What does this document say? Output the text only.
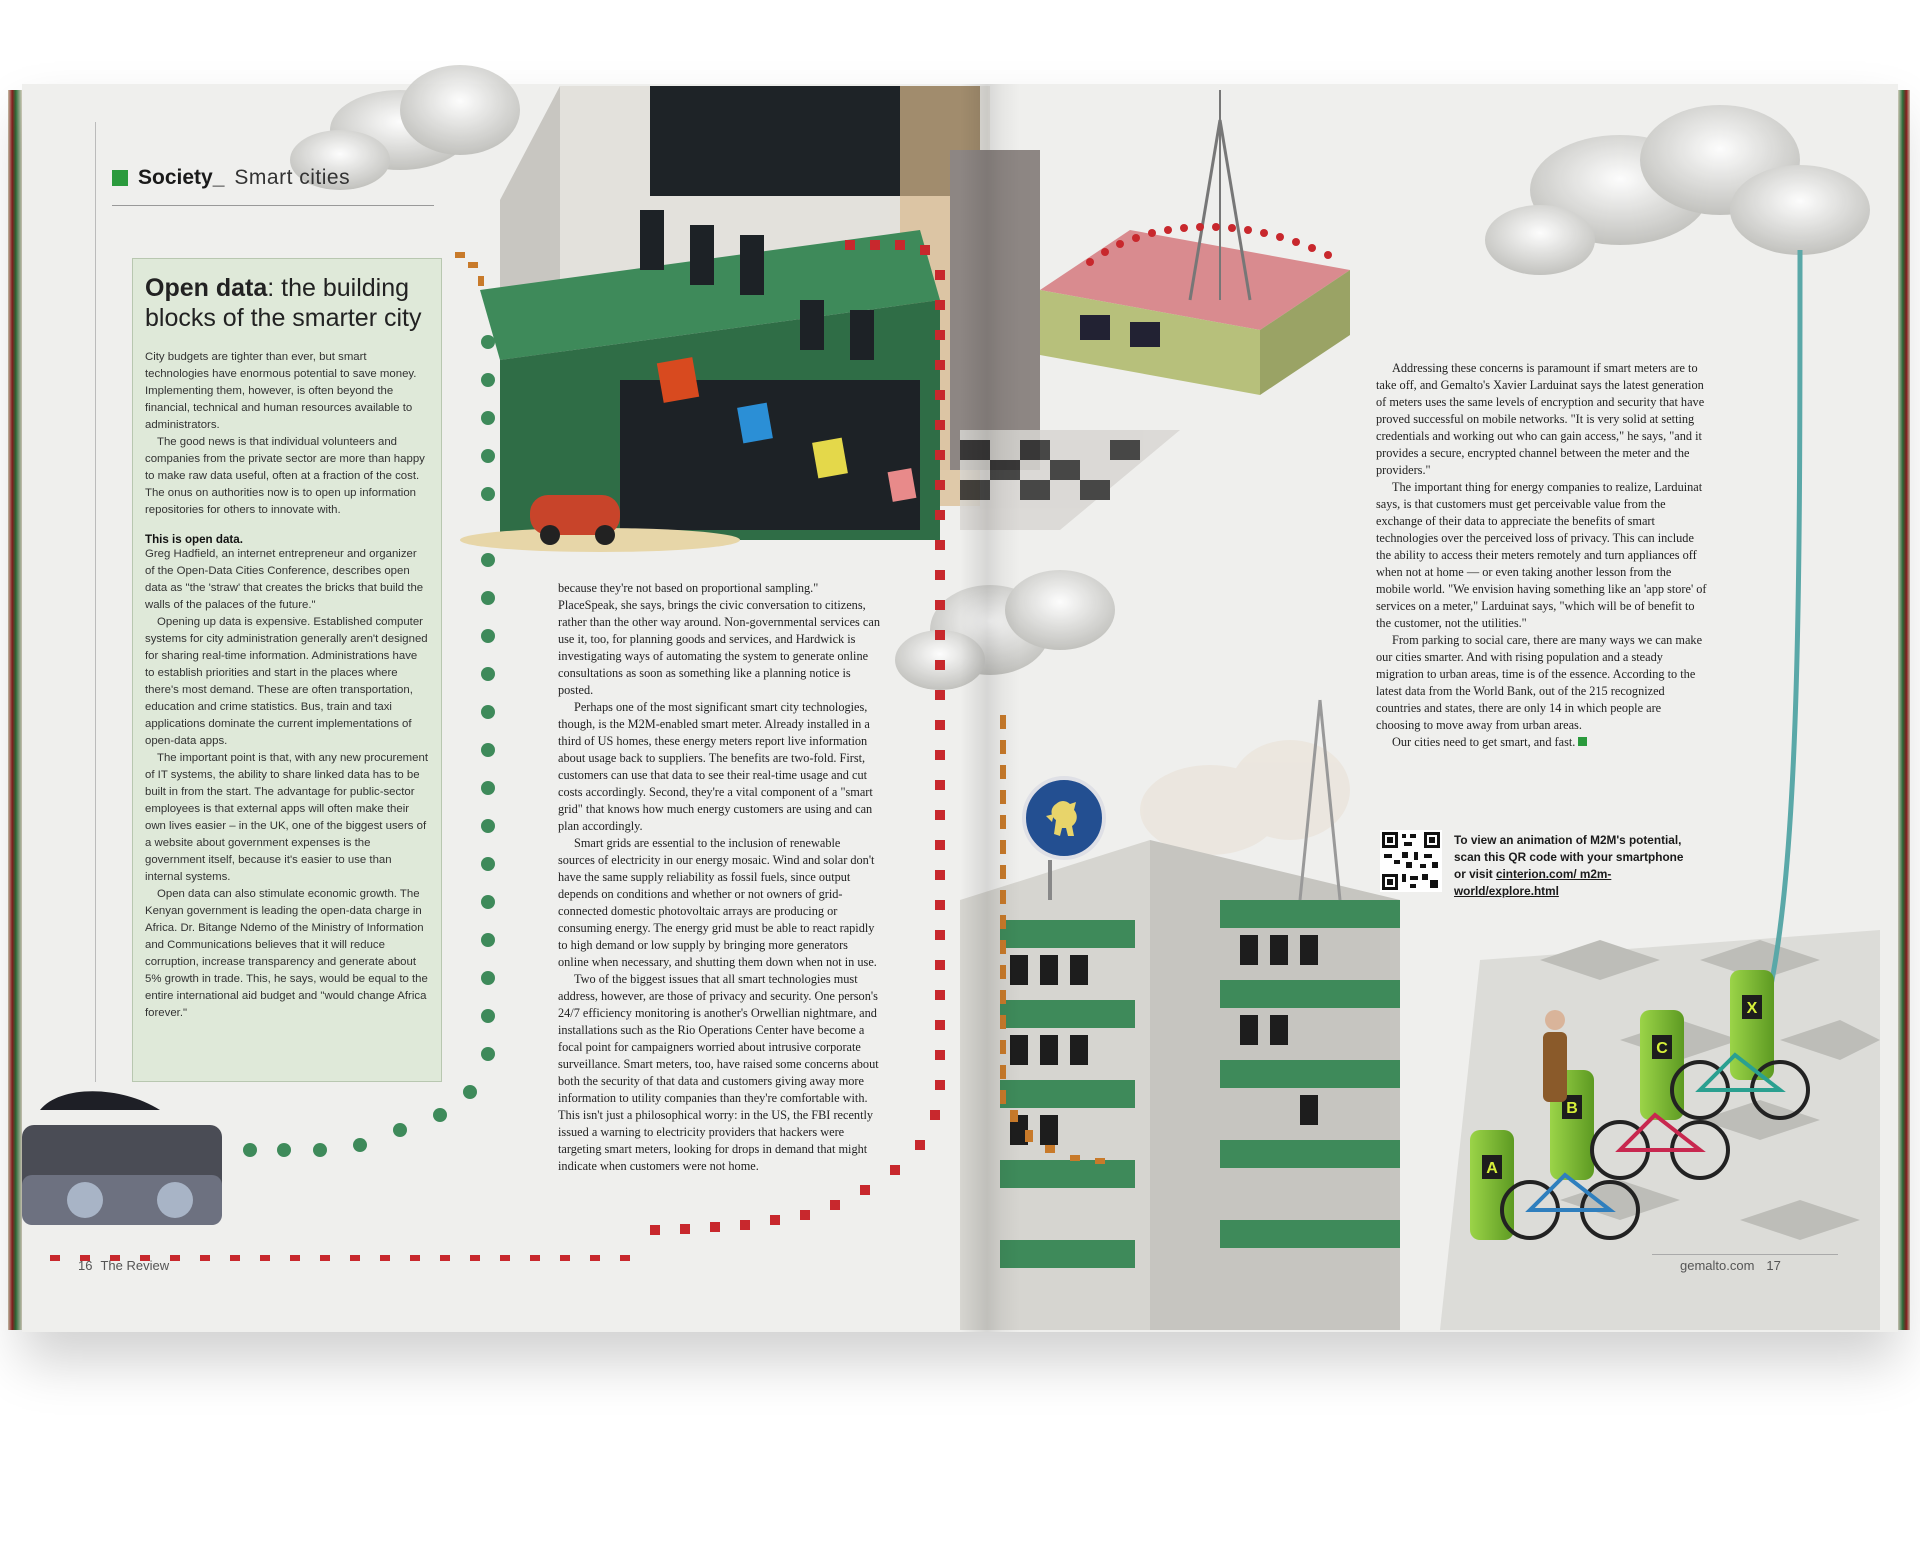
A
B
C
X
Society_ Smart cities
Open data: the building blocks of the smarter city

City budgets are tighter than ever, but smart technologies have enormous potential to save money. Implementing them, however, is often beyond the financial, technical and human resources available to administrators.

The good news is that individual volunteers and companies from the private sector are more than happy to make raw data useful, often at a fraction of the cost. The onus on authorities now is to open up information repositories for others to innovate with.

This is open data.

Greg Hadfield, an internet entrepreneur and organizer of the Open-Data Cities Conference, describes open data as "the 'straw' that creates the bricks that build the walls of the palaces of the future."

Opening up data is expensive. Established computer systems for city administration generally aren't designed for sharing real-time information. Administrations have to establish priorities and start in the places where there's most demand. These are often transportation, education and crime statistics. Bus, train and taxi applications dominate the current implementations of open-data apps.

The important point is that, with any new procurement of IT systems, the ability to share linked data has to be built in from the start. The advantage for public-sector employees is that external apps will often make their own lives easier – in the UK, one of the biggest users of a website about government expenses is the government itself, because it's easier to use than internal systems.

Open data can also stimulate economic growth. The Kenyan government is leading the open-data charge in Africa. Dr. Bitange Ndemo of the Ministry of Information and Communications believes that it will reduce corruption, increase transparency and generate about 5% growth in trade. This, he says, would be equal to the entire international aid budget and "would change Africa forever."

because they're not based on proportional sampling." PlaceSpeak, she says, brings the civic conversation to citizens, rather than the other way around. Non-governmental services can use it, too, for planning goods and services, and Hardwick is investigating ways of automating the system to generate online consultations as soon as something like a planning notice is posted.

Perhaps one of the most significant smart city technologies, though, is the M2M-enabled smart meter. Already installed in a third of US homes, these energy meters report live information about usage back to suppliers. The benefits are two-fold. First, customers can use that data to see their real-time usage and cut costs accordingly. Second, they're a vital component of a "smart grid" that knows how much energy customers are using and can plan accordingly.

Smart grids are essential to the inclusion of renewable sources of electricity in our energy mosaic. Wind and solar don't have the same supply reliability as fossil fuels, since output depends on conditions and whether or not owners of grid-connected domestic photovoltaic arrays are producing or consuming energy. The energy grid must be able to react rapidly to high demand or low supply by bringing more generators online when necessary, and shutting them down when not in use.

Two of the biggest issues that all smart technologies must address, however, are those of privacy and security. One person's 24/7 efficiency monitoring is another's Orwellian nightmare, and installations such as the Rio Operations Center have become a focal point for campaigners worried about intrusive corporate surveillance. Smart meters, too, have raised some concerns about both the security of that data and customers giving away more information to utility companies than they're comfortable with. This isn't just a philosophical worry: in the US, the FBI recently issued a warning to electricity providers that hackers were targeting smart meters, looking for drops in demand that might indicate when customers were not home.

Addressing these concerns is paramount if smart meters are to take off, and Gemalto's Xavier Larduinat says the latest generation of meters uses the same levels of encryption and security that have proved successful on mobile networks. "It is very solid at setting credentials and working out who can gain access," he says, "and it provides a secure, encrypted channel between the meter and the providers."

The important thing for energy companies to realize, Larduinat says, is that customers must get perceivable value from the exchange of their data to appreciate the benefits of smart technologies over the perceived loss of privacy. This can include the ability to access their meters remotely and turn appliances off when not at home — or even taking another lesson from the mobile world. "We envision having something like an 'app store' of services on a meter," Larduinat says, "which will be of benefit to the customer, not the utilities."

From parking to social care, there are many ways we can make our cities smarter. And with rising population and a steady migration to urban areas, time is of the essence. According to the latest data from the World Bank, out of the 215 recognized countries and states, there are only 14 in which people are choosing to move away from urban areas.

Our cities need to get smart, and fast.

To view an animation of M2M's potential, scan this QR code with your smartphone or visit cinterion.com/ m2m-world/explore.html
16 The Review	gemalto.com 17
